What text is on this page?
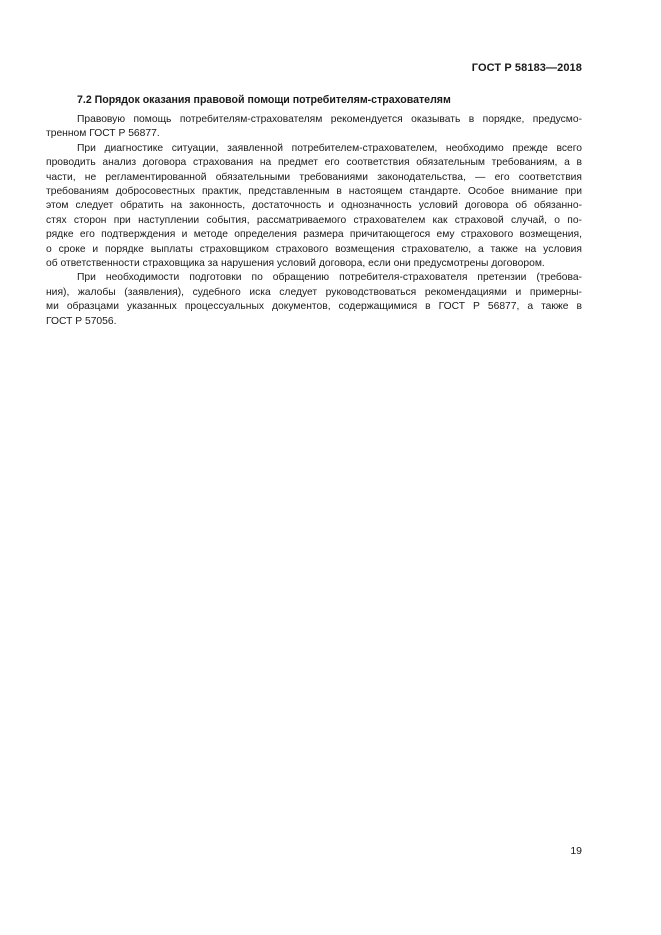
ГОСТ Р 58183—2018
7.2 Порядок оказания правовой помощи потребителям-страхователям
Правовую помощь потребителям-страхователям рекомендуется оказывать в порядке, предусмо-
тренном ГОСТ Р 56877.
При диагностике ситуации, заявленной потребителем-страхователем, необходимо прежде всего
проводить анализ договора страхования на предмет его соответствия обязательным требованиям, а в
части, не регламентированной обязательными требованиями законодательства, — его соответствия
требованиям добросовестных практик, представленным в настоящем стандарте. Особое внимание при
этом следует обратить на законность, достаточность и однозначность условий договора об обязанно-
стях сторон при наступлении события, рассматриваемого страхователем как страховой случай, о по-
рядке его подтверждения и методе определения размера причитающегося ему страхового возмещения,
о сроке и порядке выплаты страховщиком страхового возмещения страхователю, а также на условия
об ответственности страховщика за нарушения условий договора, если они предусмотрены договором.
При необходимости подготовки по обращению потребителя-страхователя претензии (требова-
ния), жалобы (заявления), судебного иска следует руководствоваться рекомендациями и примерны-
ми образцами указанных процессуальных документов, содержащимися в ГОСТ Р 56877, а также в
ГОСТ Р 57056.
19
